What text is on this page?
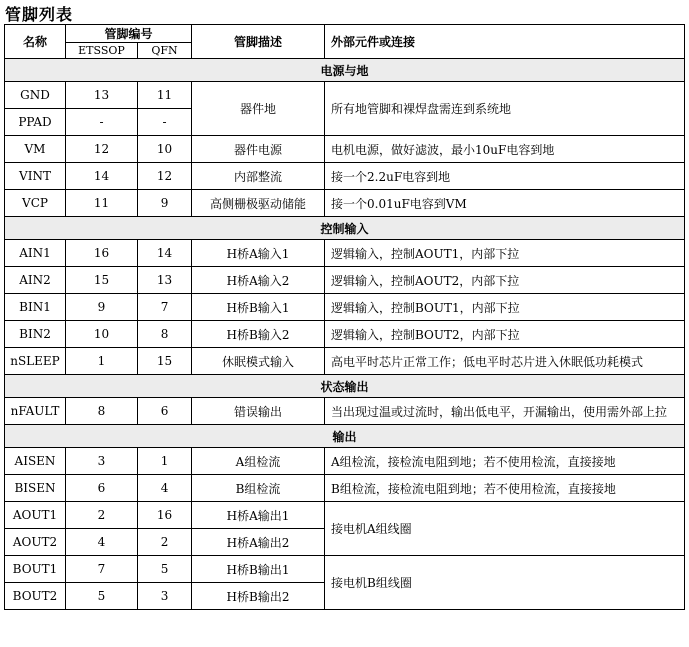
管脚列表
名称	管脚编号		管脚描述	外部元件或连接
	ETSSOP	QFN		
电源与地				
GND	13	11	器件地	所有地管脚和裸焊盘需连到系统地
PPAD	-	-		
VM	12	10	器件电源	电机电源，做好滤波，最小10uF电容到地
VINT	14	12	内部整流	接一个2.2uF电容到地
VCP	11	9	高侧栅极驱动储能	接一个0.01uF电容到VM
控制输入				
AIN1	16	14	H桥A输入1	逻辑输入，控制AOUT1，内部下拉
AIN2	15	13	H桥A输入2	逻辑输入，控制AOUT2，内部下拉
BIN1	9	7	H桥B输入1	逻辑输入，控制BOUT1，内部下拉
BIN2	10	8	H桥B输入2	逻辑输入，控制BOUT2，内部下拉
nSLEEP	1	15	休眠模式输入	高电平时芯片正常工作；低电平时芯片进入休眠低功耗模式
状态输出				
nFAULT	8	6	错误输出	当出现过温或过流时，输出低电平，开漏输出，使用需外部上拉
输出				
AISEN	3	1	A组检流	A组检流，接检流电阻到地；若不使用检流，直接接地
BISEN	6	4	B组检流	B组检流，接检流电阻到地；若不使用检流，直接接地
AOUT1	2	16	H桥A输出1	接电机A组线圈
AOUT2	4	2	H桥A输出2	
BOUT1	7	5	H桥B输出1	接电机B组线圈
BOUT2	5	3	H桥B输出2	
